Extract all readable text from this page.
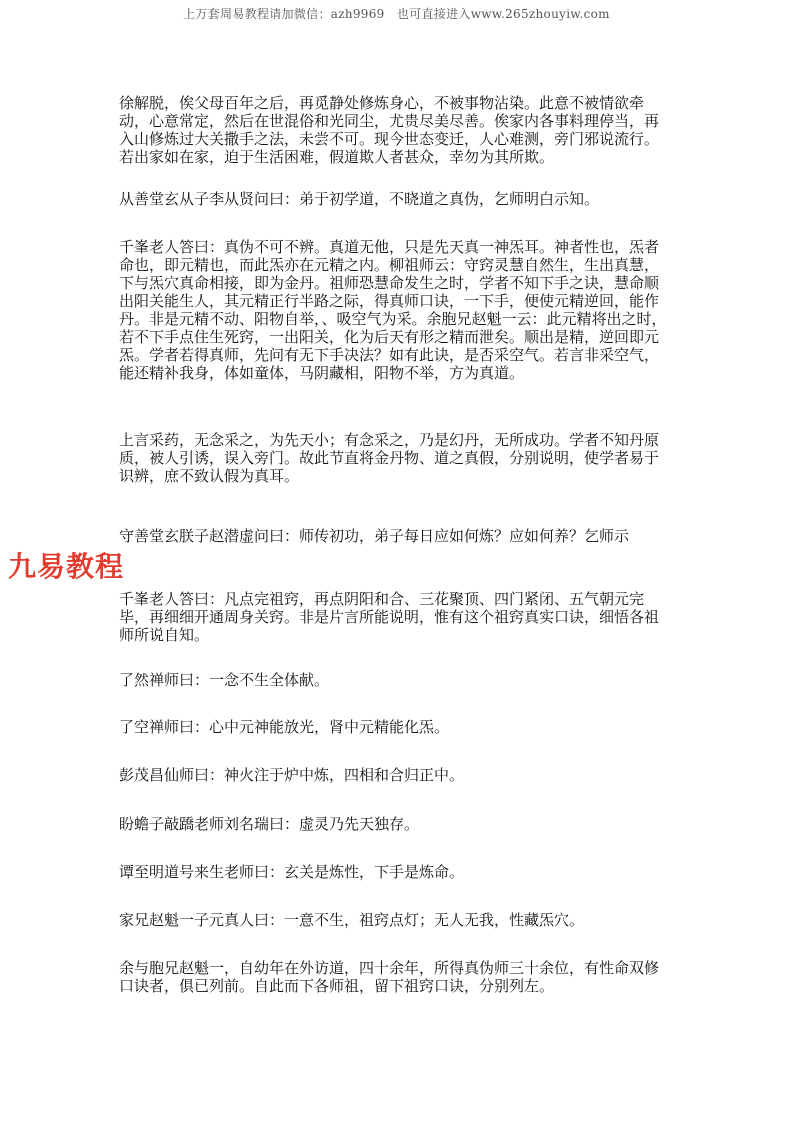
上万套周易教程请加微信：azh9969　也可直接进入www.265zhouyiw.com
九易教程

徐解脱，俟父母百年之后，再觅静处修炼身心，不被事物沾染。此意不被情欲牵动，心意常定，然后在世混俗和光同尘，尤贵尽美尽善。俟家内各事料理停当，再入山修炼过大关撒手之法，未尝不可。现今世态变迁，人心难测，旁门邪说流行。若出家如在家，迫于生活困难，假道欺人者甚众，幸勿为其所欺。

从善堂玄从子李从贤问曰：弟于初学道，不晓道之真伪，乞师明白示知。

千峯老人答曰：真伪不可不辨。真道无他，只是先天真一神炁耳。神者性也，炁者命也，即元精也，而此炁亦在元精之内。柳祖师云：守窍灵慧自然生，生出真慧，下与炁穴真命相接，即为金丹。祖师恐慧命发生之时，学者不知下手之诀，慧命顺出阳关能生人，其元精正行半路之际，得真师口诀，一下手，便使元精逆回，能作丹。非是元精不动、阳物自举，、吸空气为采。余胞兄赵魁一云：此元精将出之时，若不下手点住生死窍，一出阳关，化为后天有形之精而泄矣。顺出是精，逆回即元炁。学者若得真师，先问有无下手决法？如有此诀，是否采空气。若言非采空气，能还精补我身，体如童体，马阴藏相，阳物不举，方为真道。

上言采药，无念采之，为先天小；有念采之，乃是幻丹，无所成功。学者不知丹原质，被人引诱，误入旁门。故此节直将金丹物、道之真假，分别说明，使学者易于识辨，庶不致认假为真耳。

守善堂玄朕子赵潜虚问曰：师传初功，弟子每日应如何炼？应如何养？乞师示

千峯老人答曰：凡点完祖窍，再点阴阳和合、三花聚顶、四门紧闭、五气朝元完毕，再细细开通周身关窍。非是片言所能说明，惟有这个祖窍真实口诀，细悟各祖师所说自知。

了然禅师曰：一念不生全体献。

了空禅师曰：心中元神能放光，肾中元精能化炁。

彭茂昌仙师曰：神火注于炉中炼，四相和合归正中。

盼蟾子敲蹻老师刘名瑞曰：虚灵乃先天独存。

谭至明道号来生老师曰：玄关是炼性，下手是炼命。

家兄赵魁一子元真人曰：一意不生，祖窍点灯；无人无我，性藏炁穴。

余与胞兄赵魁一，自幼年在外访道，四十余年，所得真伪师三十余位，有性命双修口诀者，俱已列前。自此而下各师祖，留下祖窍口诀，分别列左。
